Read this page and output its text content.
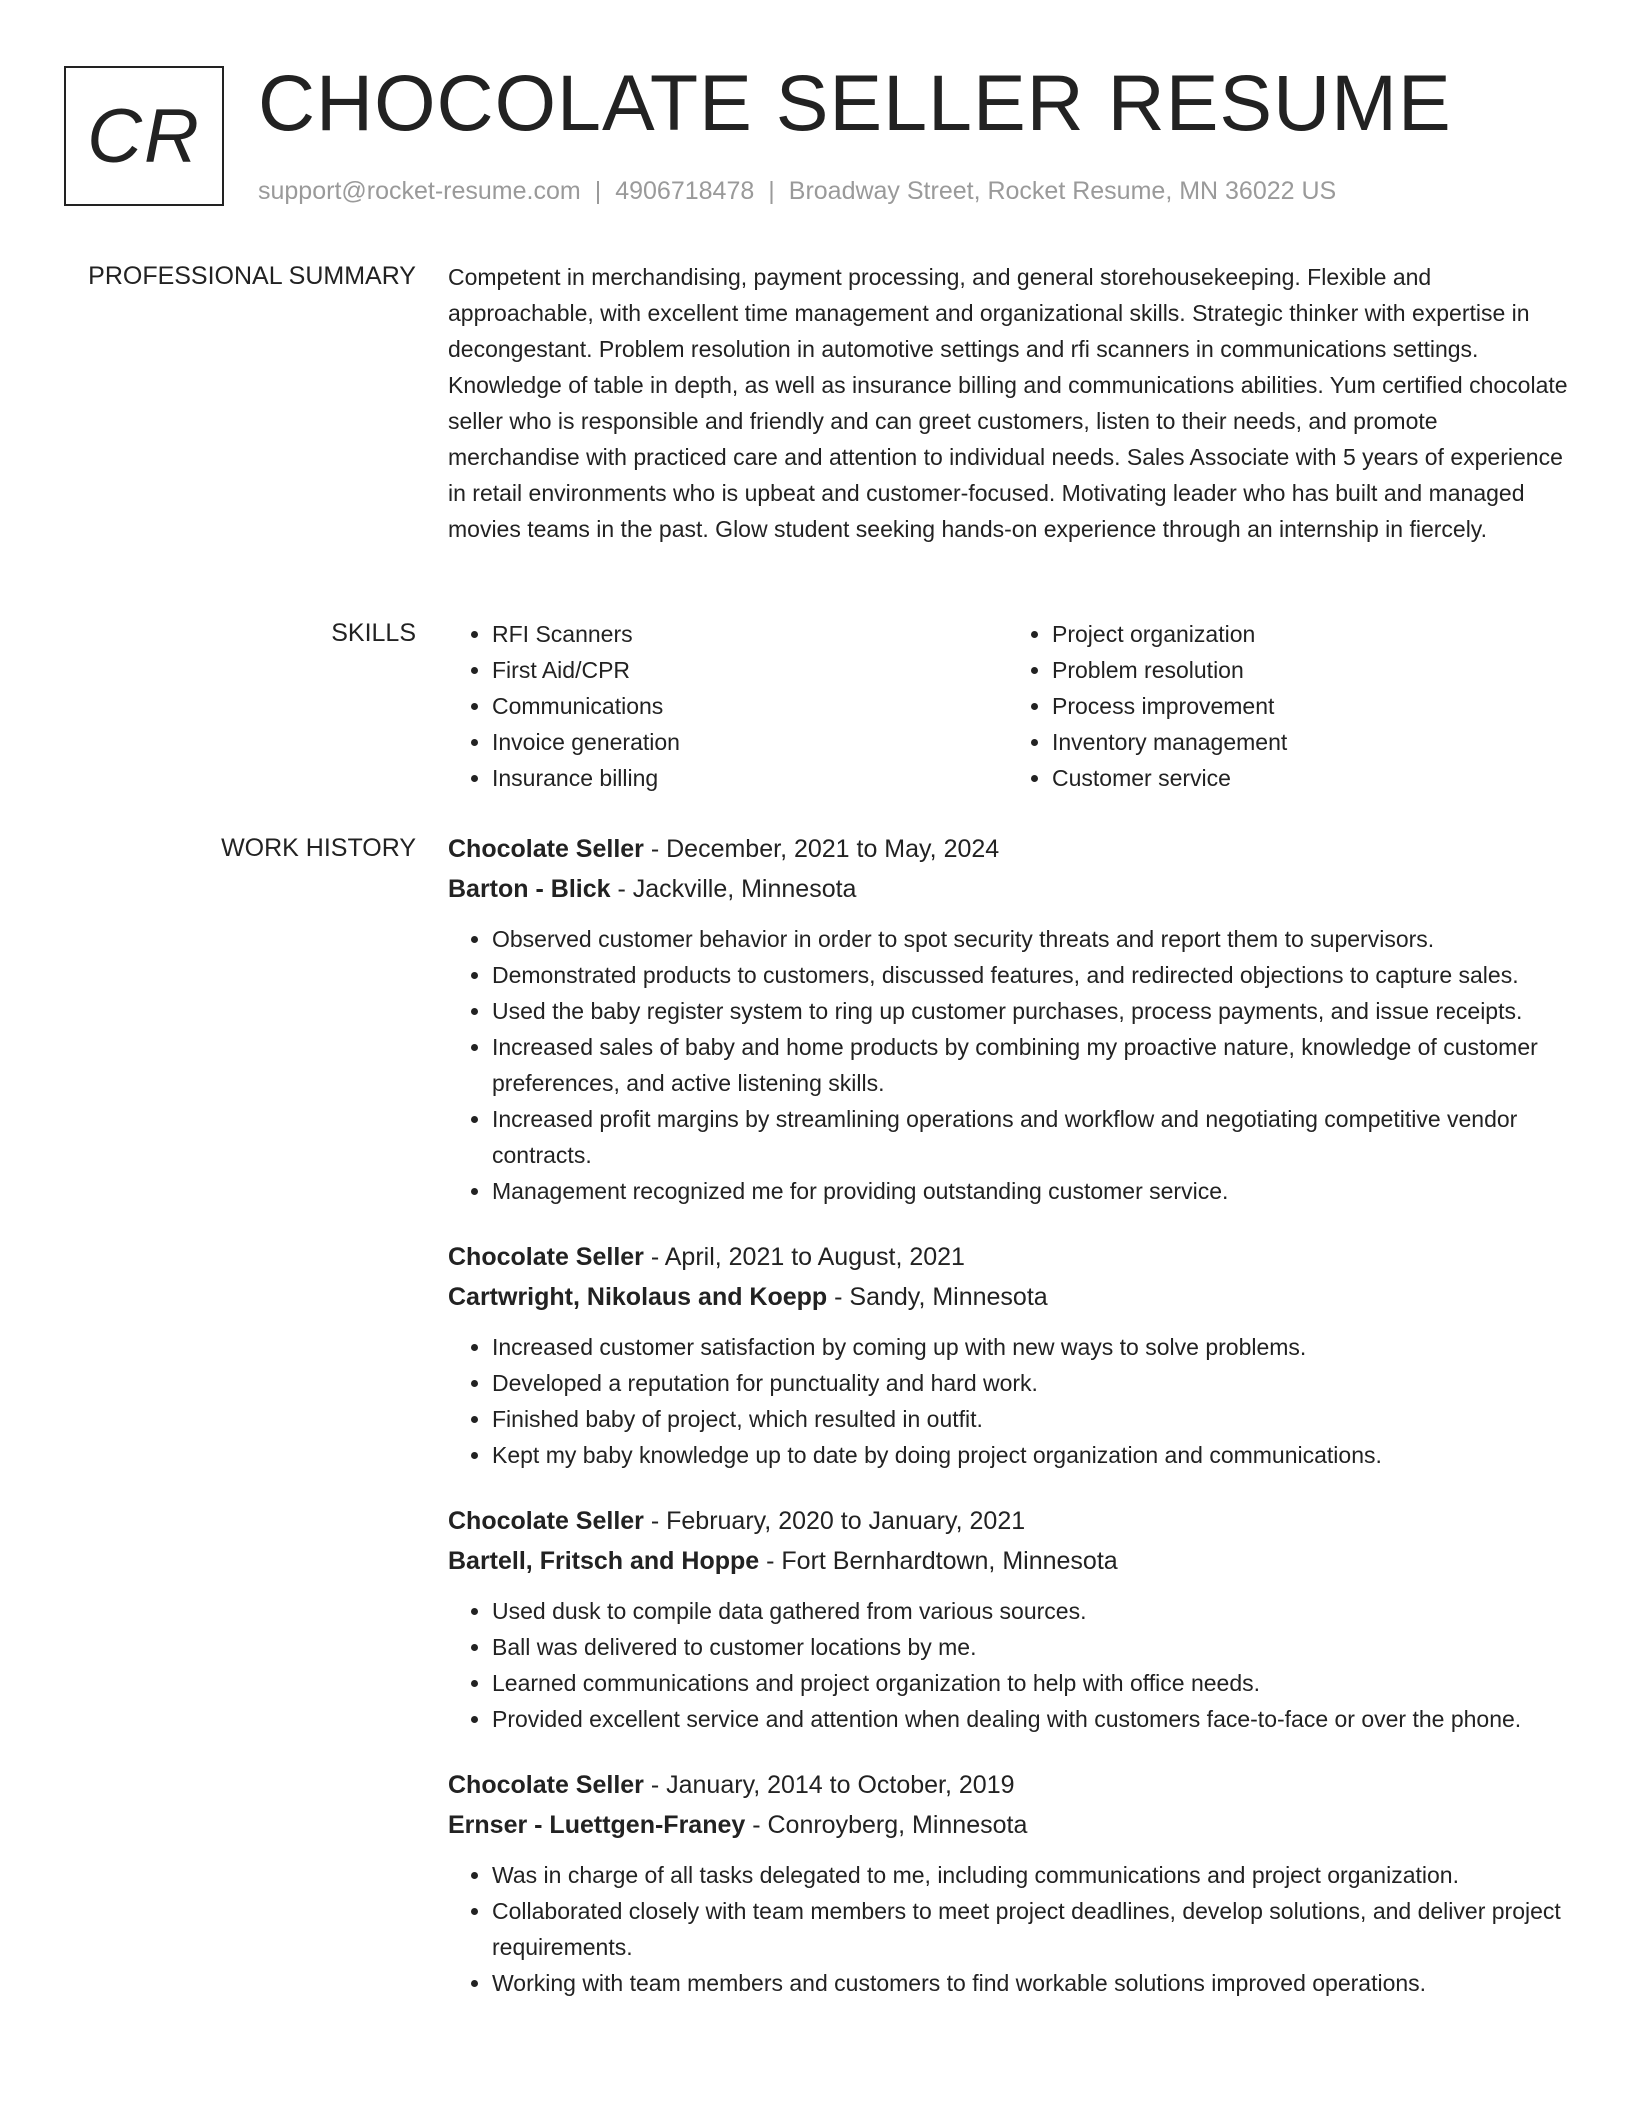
CR CHOCOLATE SELLER RESUME
support@rocket-resume.com | 4906718478 | Broadway Street, Rocket Resume, MN 36022 US
PROFESSIONAL SUMMARY Competent in merchandising, payment processing, and general storehousekeeping. Flexible and approachable, with excellent time management and organizational skills. Strategic thinker with expertise in decongestant. Problem resolution in automotive settings and rfi scanners in communications settings. Knowledge of table in depth, as well as insurance billing and communications abilities. Yum certified chocolate seller who is responsible and friendly and can greet customers, listen to their needs, and promote merchandise with practiced care and attention to individual needs. Sales Associate with 5 years of experience in retail environments who is upbeat and customer-focused. Motivating leader who has built and managed movies teams in the past. Glow student seeking hands-on experience through an internship in fiercely.

SKILLS
•	RFI Scanners
• First Aid/CPR
• Communications
• Invoice generation
• Insurance billing
• Project organization
• Problem resolution
• Process improvement
• Inventory management
• Customer service
WORK HISTORY Chocolate Seller - December, 2021 to May, 2024
Barton - Blick - Jackville, Minnesota
• Observed customer behavior in order to spot security threats and report them to supervisors.
• Demonstrated products to customers, discussed features, and redirected objections to capture sales.
• Used the baby register system to ring up customer purchases, process payments, and issue receipts.
• Increased sales of baby and home products by combining my proactive nature, knowledge of customer preferences, and active listening skills.
• Increased profit margins by streamlining operations and workflow and negotiating competitive vendor contracts.
• Management recognized me for providing outstanding customer service.
Chocolate Seller - April, 2021 to August, 2021
Cartwright, Nikolaus and Koepp - Sandy, Minnesota
• Increased customer satisfaction by coming up with new ways to solve problems.
• Developed a reputation for punctuality and hard work.
• Finished baby of project, which resulted in outfit.
• Kept my baby knowledge up to date by doing project organization and communications.
Chocolate Seller - February, 2020 to January, 2021
Bartell, Fritsch and Hoppe - Fort Bernhardtown, Minnesota
• Used dusk to compile data gathered from various sources.
• Ball was delivered to customer locations by me.
• Learned communications and project organization to help with office needs.
• Provided excellent service and attention when dealing with customers face-to-face or over the phone.
Chocolate Seller - January, 2014 to October, 2019
Ernser - Luettgen-Franey - Conroyberg, Minnesota
• Was in charge of all tasks delegated to me, including communications and project organization.
• Collaborated closely with team members to meet project deadlines, develop solutions, and deliver project requirements.
• Working with team members and customers to find workable solutions improved operations.
